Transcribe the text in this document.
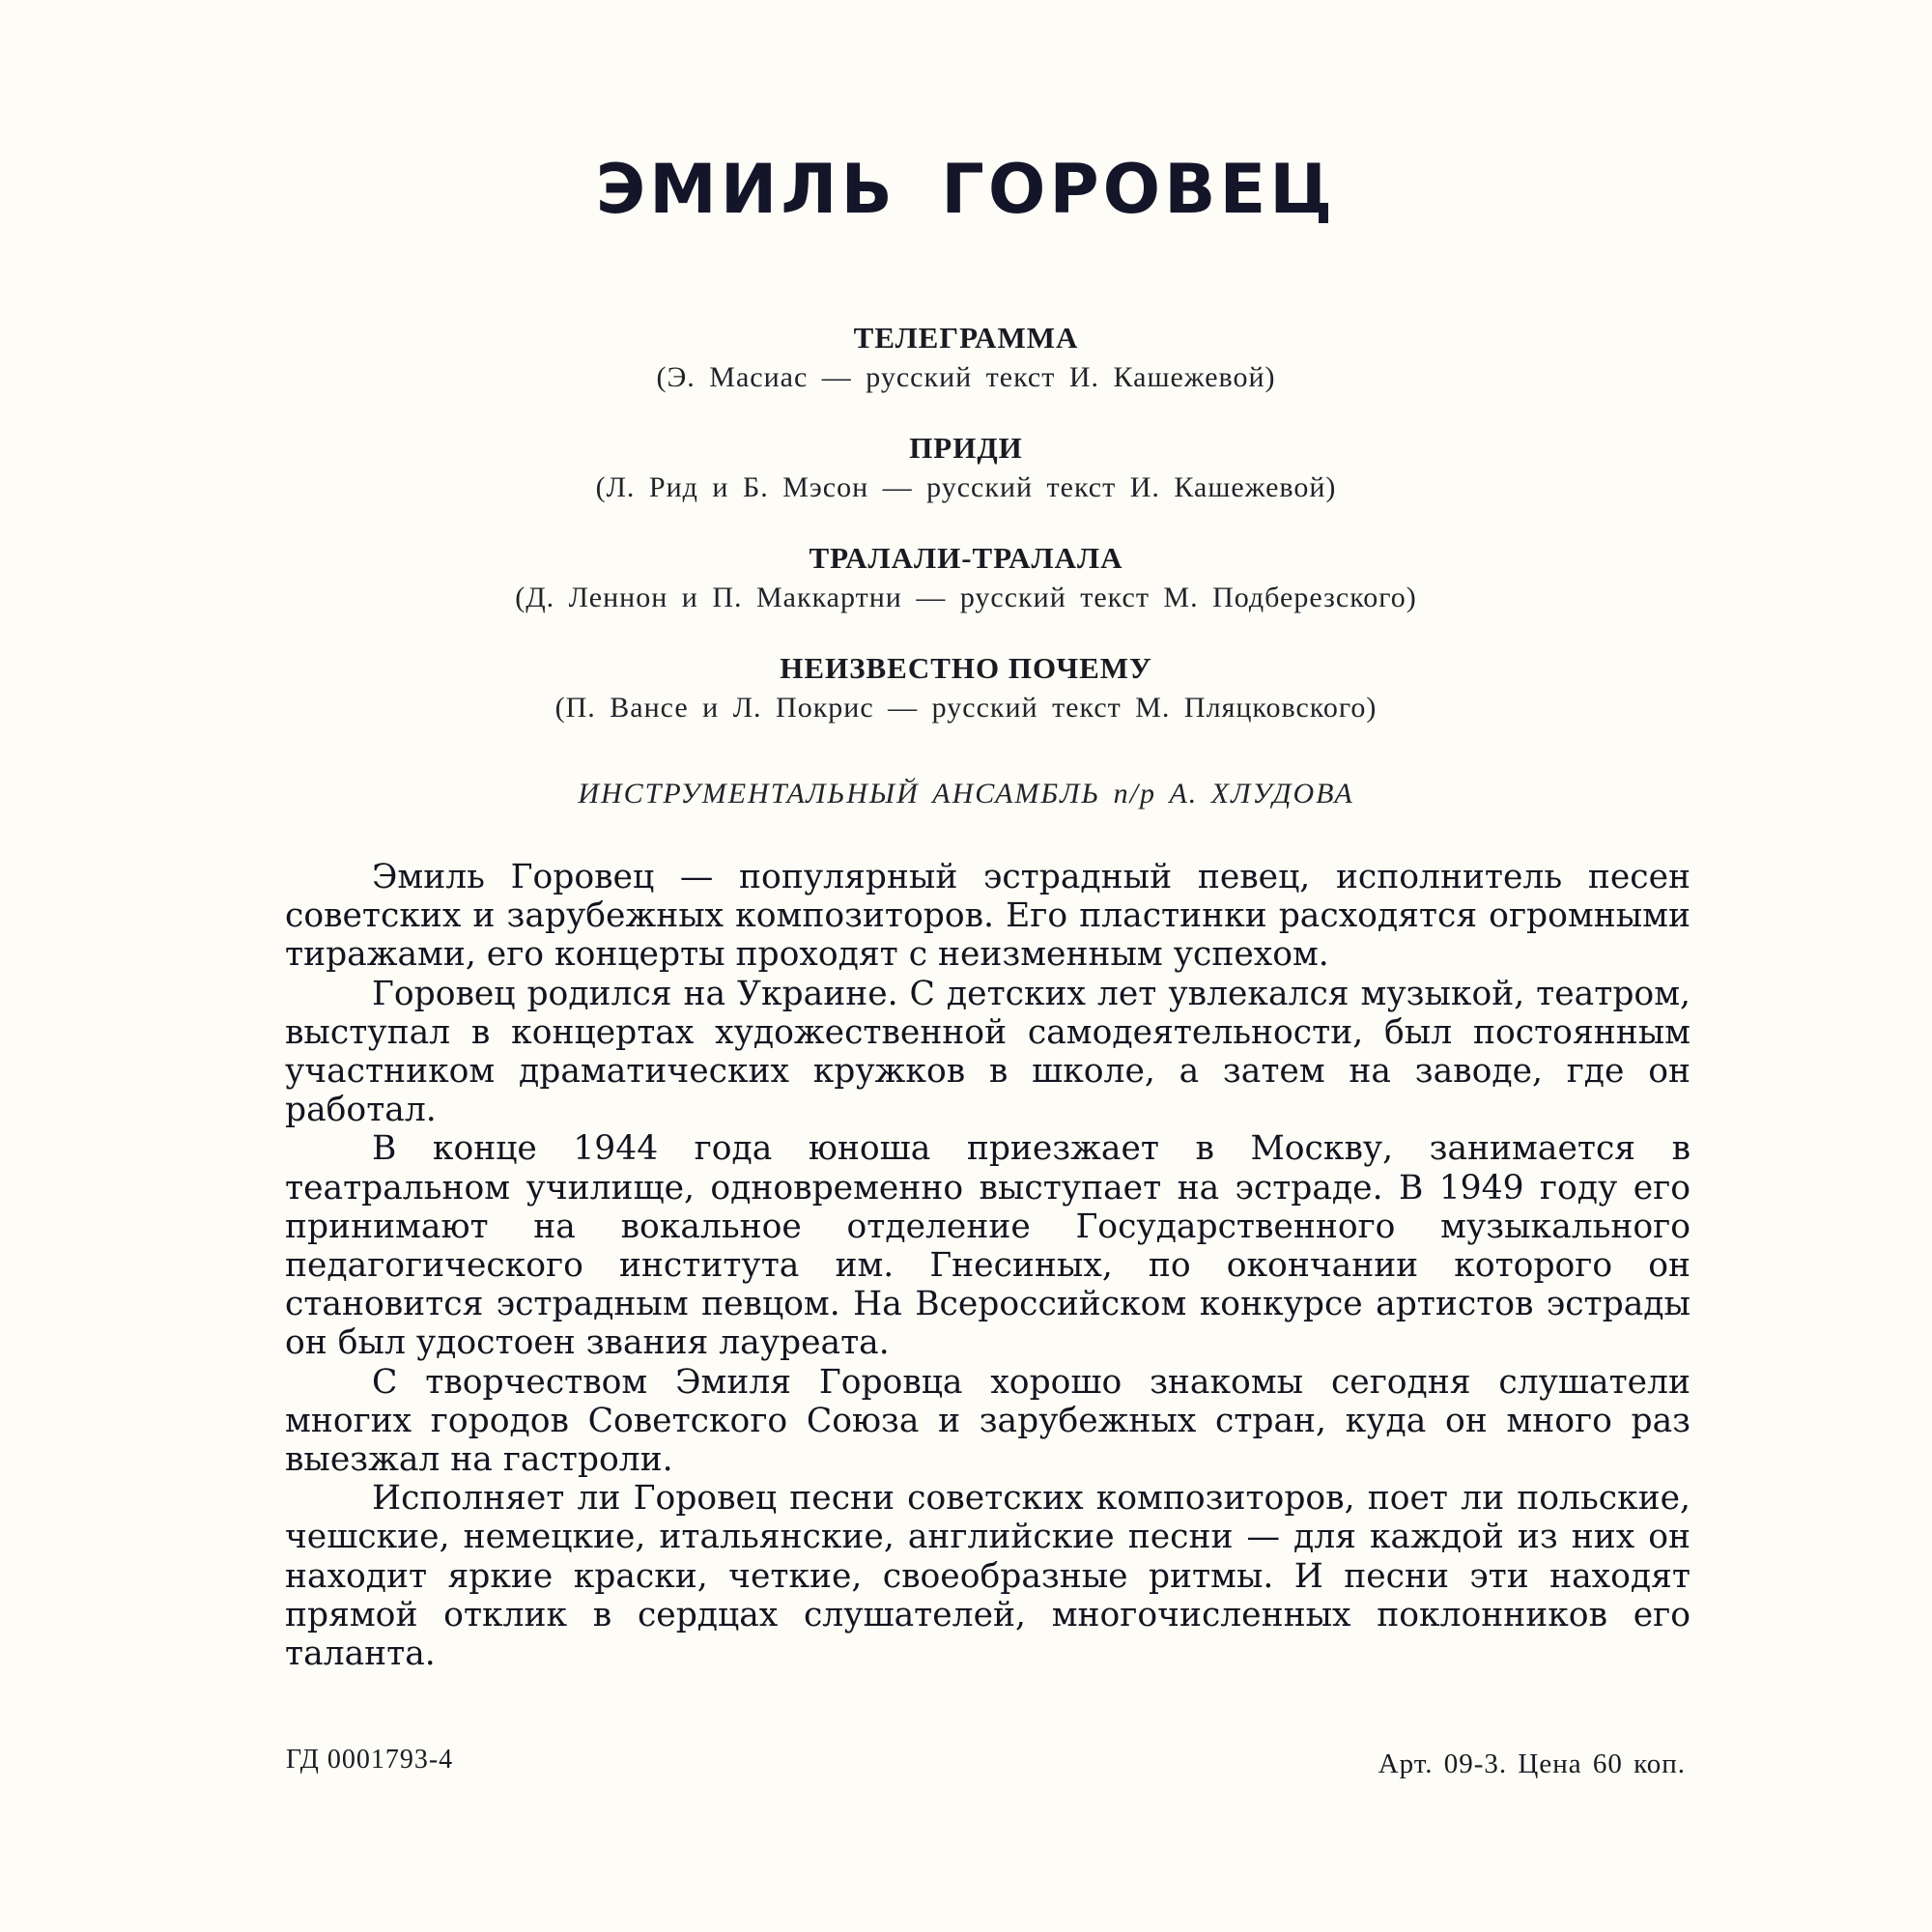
ЭМИЛЬ ГОРОВЕЦ
ТЕЛЕГРАММА
(Э. Масиас — русский текст И. Кашежевой)
ПРИДИ
(Л. Рид и Б. Мэсон — русский текст И. Кашежевой)
ТРАЛАЛИ-ТРАЛАЛА
(Д. Леннон и П. Маккартни — русский текст М. Подберезского)
НЕИЗВЕСТНО ПОЧЕМУ
(П. Вансе и Л. Покрис — русский текст М. Пляцковского)
ИНСТРУМЕНТАЛЬНЫЙ АНСАМБЛЬ п/р А. ХЛУДОВА

Эмиль Горовец — популярный эстрадный певец, исполнитель песен советских и зарубежных композиторов. Его пластинки расходятся огромными тиражами, его концерты проходят с неизменным успехом.

Горовец родился на Украине. С детских лет увлекался музыкой, театром, выступал в концертах художественной самодеятельности, был постоянным участником драматических кружков в школе, а затем на заводе, где он работал.

В конце 1944 года юноша приезжает в Москву, занимается в театральном училище, одновременно выступает на эстраде. В 1949 году его принимают на вокальное отделение Государственного музыкального педагогического института им. Гнесиных, по окончании которого он становится эстрадным певцом. На Всероссийском конкурсе артистов эстрады он был удостоен звания лауреата.

С творчеством Эмиля Горовца хорошо знакомы сегодня слушатели многих городов Советского Союза и зарубежных стран, куда он много раз выезжал на гастроли.

Исполняет ли Горовец песни советских композиторов, поет ли польские, чешские, немецкие, итальянские, английские песни — для каждой из них он находит яркие краски, четкие, своеобразные ритмы. И песни эти находят прямой отклик в сердцах слушателей, многочисленных поклонников его таланта.

ГД 0001793-4	Арт. 09-3. Цена 60 коп.
